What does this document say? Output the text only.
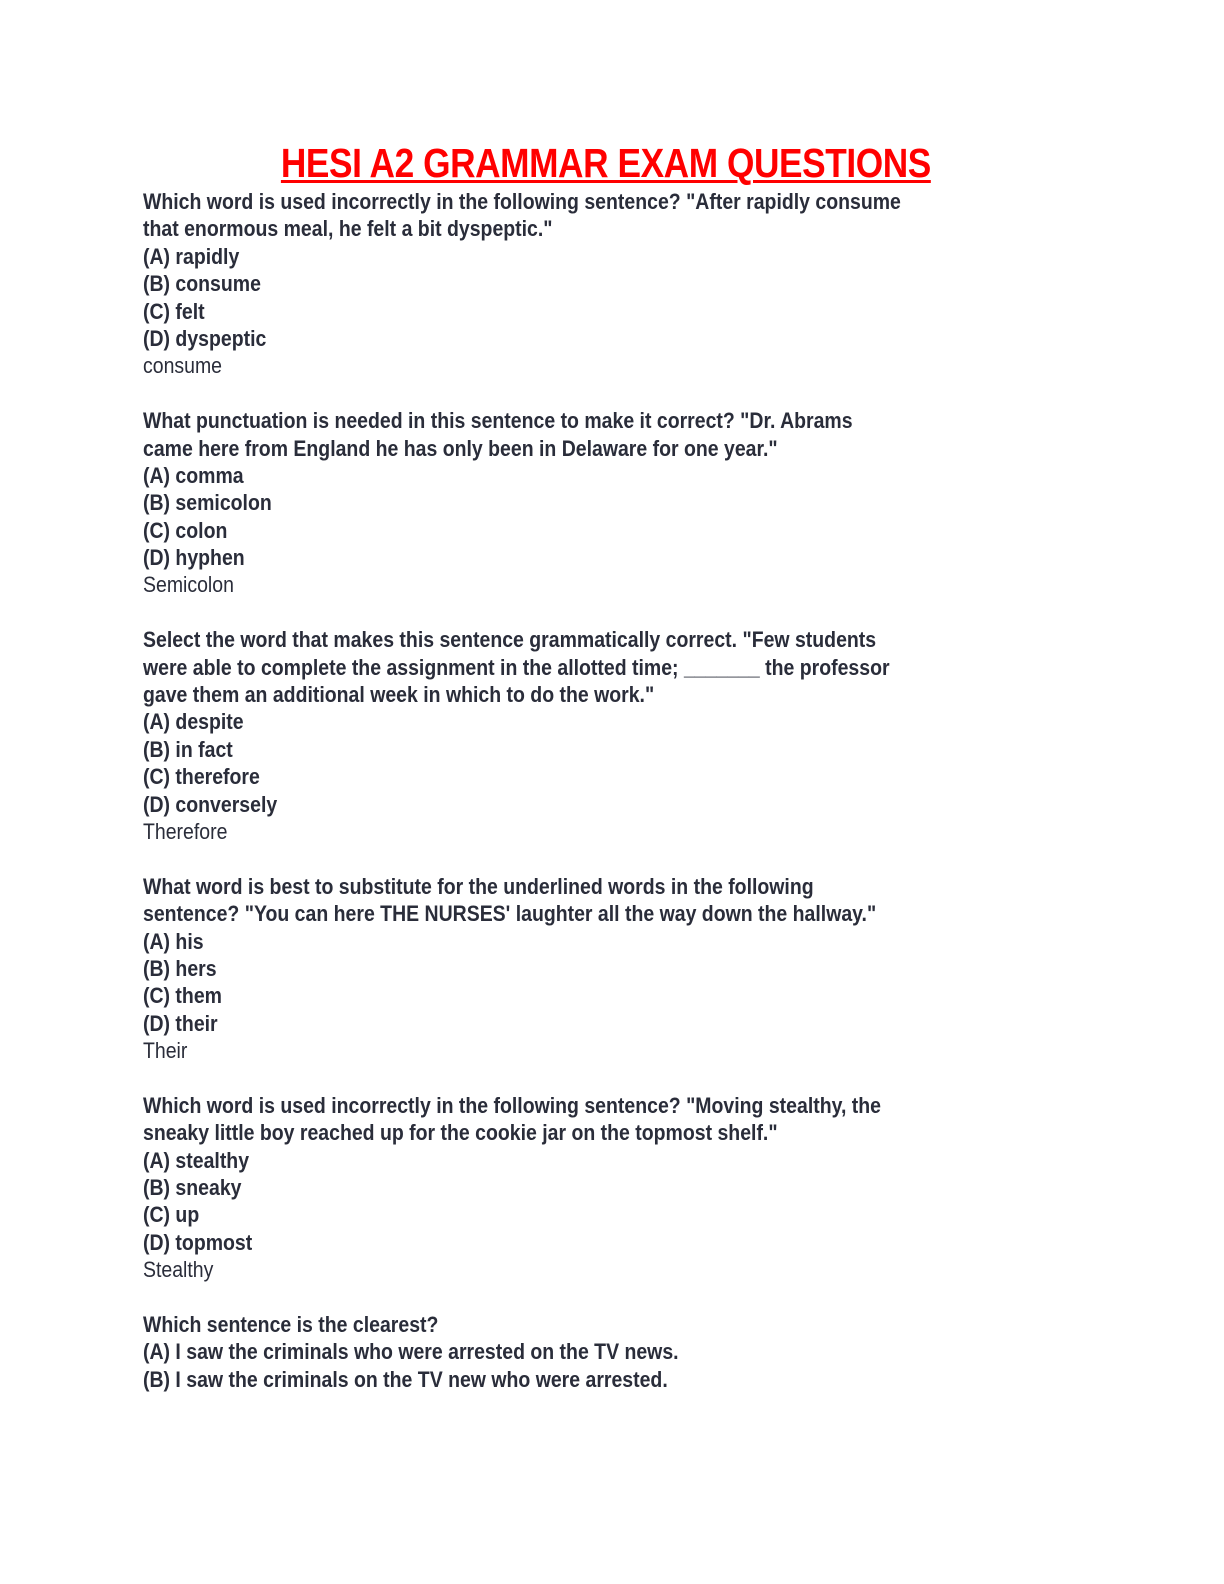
HESI A2 GRAMMAR EXAM QUESTIONS
Which word is used incorrectly in the following sentence? "After rapidly consume
that enormous meal, he felt a bit dyspeptic."
(A) rapidly
(B) consume
(C) felt
(D) dyspeptic
consume
What punctuation is needed in this sentence to make it correct? "Dr. Abrams
came here from England he has only been in Delaware for one year."
(A) comma
(B) semicolon
(C) colon
(D) hyphen
Semicolon
Select the word that makes this sentence grammatically correct. "Few students
were able to complete the assignment in the allotted time; _______ the professor
gave them an additional week in which to do the work."
(A) despite
(B) in fact
(C) therefore
(D) conversely
Therefore
What word is best to substitute for the underlined words in the following
sentence? "You can here THE NURSES' laughter all the way down the hallway."
(A) his
(B) hers
(C) them
(D) their
Their
Which word is used incorrectly in the following sentence? "Moving stealthy, the
sneaky little boy reached up for the cookie jar on the topmost shelf."
(A) stealthy
(B) sneaky
(C) up
(D) topmost
Stealthy
Which sentence is the clearest?
(A) I saw the criminals who were arrested on the TV news.
(B) I saw the criminals on the TV new who were arrested.
